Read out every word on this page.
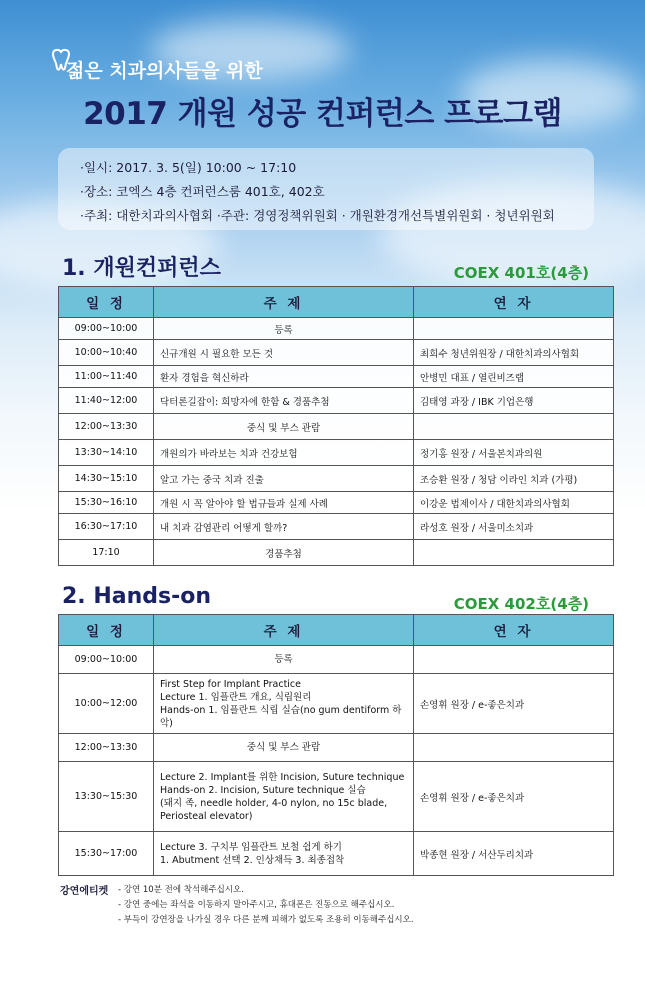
젊은 치과의사들을 위한
2017 개원 성공 컨퍼런스 프로그램
·일시: 2017. 3. 5(일) 10:00 ~ 17:10
·장소: 코엑스 4층 컨퍼런스룸 401호, 402호
·주최: 대한치과의사협회 ·주관: 경영정책위원회 · 개원환경개선특별위원회 · 청년위원회
1. 개원컨퍼런스	COEX 401호(4층)
일 정	주 제	연 자
09:00~10:00	등록	
10:00~10:40	신규개원 시 필요한 모든 것	최희수 청년위원장 / 대한치과의사협회
11:00~11:40	환자 경험을 혁신하라	안병민 대표 / 열린비즈랩
11:40~12:00	닥터론길잡이: 희망자에 한함 & 경품추첨	김태영 과장 / IBK 기업은행
12:00~13:30	중식 및 부스 관람	
13:30~14:10	개원의가 바라보는 치과 건강보험	정기홍 원장 / 서울본치과의원
14:30~15:10	알고 가는 중국 치과 진출	조승환 원장 / 청담 이라인 치과 (가평)
15:30~16:10	개원 시 꼭 알아야 할 법규들과 실제 사례	이강운 법제이사 / 대한치과의사협회
16:30~17:10	내 치과 감염관리 어떻게 할까?	라성호 원장 / 서울미소치과
17:10	경품추첨	
2. Hands-on	COEX 402호(4층)
일 정	주 제	연 자
09:00~10:00	등록	

10:00~12:00	First Step for Implant Practice
Lecture 1. 임플란트 개요, 식립원리
Hands-on 1. 임플란트 식립 실습(no gum dentiform 하악)	손영휘 원장 / e-좋은치과
12:00~13:30	중식 및 부스 관람	

13:30~15:30	Lecture 2. Implant를 위한 Incision, Suture technique
Hands-on 2. Incision, Suture technique 실습
(돼지 족, needle holder, 4-0 nylon, no 15c blade,
Periosteal elevator)	손영휘 원장 / e-좋은치과
15:30~17:00	Lecture 3. 구치부 임플란트 보철 쉽게 하기
1. Abutment 선택 2. 인상채득 3. 최종접착	박종현 원장 / 서산두리치과
강연에티켓 - 강연 10분 전에 착석해주십시오.
- 강연 중에는 좌석을 이동하지 말아주시고, 휴대폰은 진동으로 해주십시오.
- 부득이 강연장을 나가실 경우 다른 분께 피해가 없도록 조용히 이동해주십시오.
